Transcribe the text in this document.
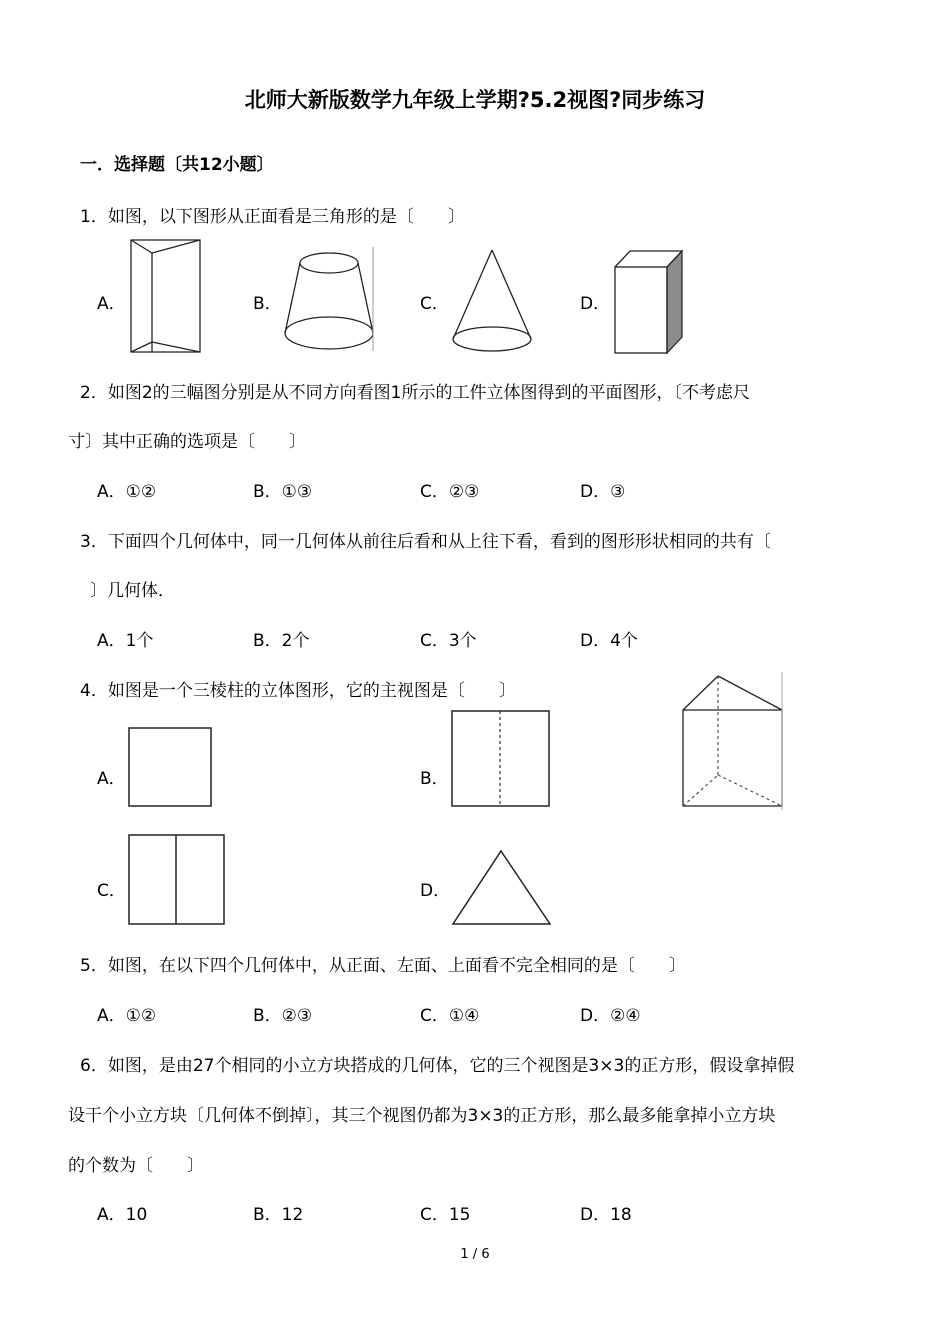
北师大新版数学九年级上学期?5.2视图?同步练习
一．选择题〔共12小题〕
1．如图，以下图形从正面看是三角形的是〔　　〕
A．	B．	C．	D．
2．如图2的三幅图分别是从不同方向看图1所示的工件立体图得到的平面图形，〔不考虑尺
寸〕其中正确的选项是〔　　〕
A．①②	B．①③	C．②③	D．③
3．下面四个几何体中，同一几何体从前往后看和从上往下看，看到的图形形状相同的共有〔
〕几何体．
A．1个	B．2个	C．3个	D．4个
4．如图是一个三棱柱的立体图形，它的主视图是〔　　〕
A．	B．
C．	D．
5．如图，在以下四个几何体中，从正面、左面、上面看不完全相同的是〔　　〕
A．①②	B．②③	C．①④	D．②④
6．如图，是由27个相同的小立方块搭成的几何体，它的三个视图是3×3的正方形，假设拿掉假
设干个小立方块〔几何体不倒掉〕，其三个视图仍都为3×3的正方形，那么最多能拿掉小立方块
的个数为〔　　〕
A．10	B．12	C．15	D．18
1 / 6
